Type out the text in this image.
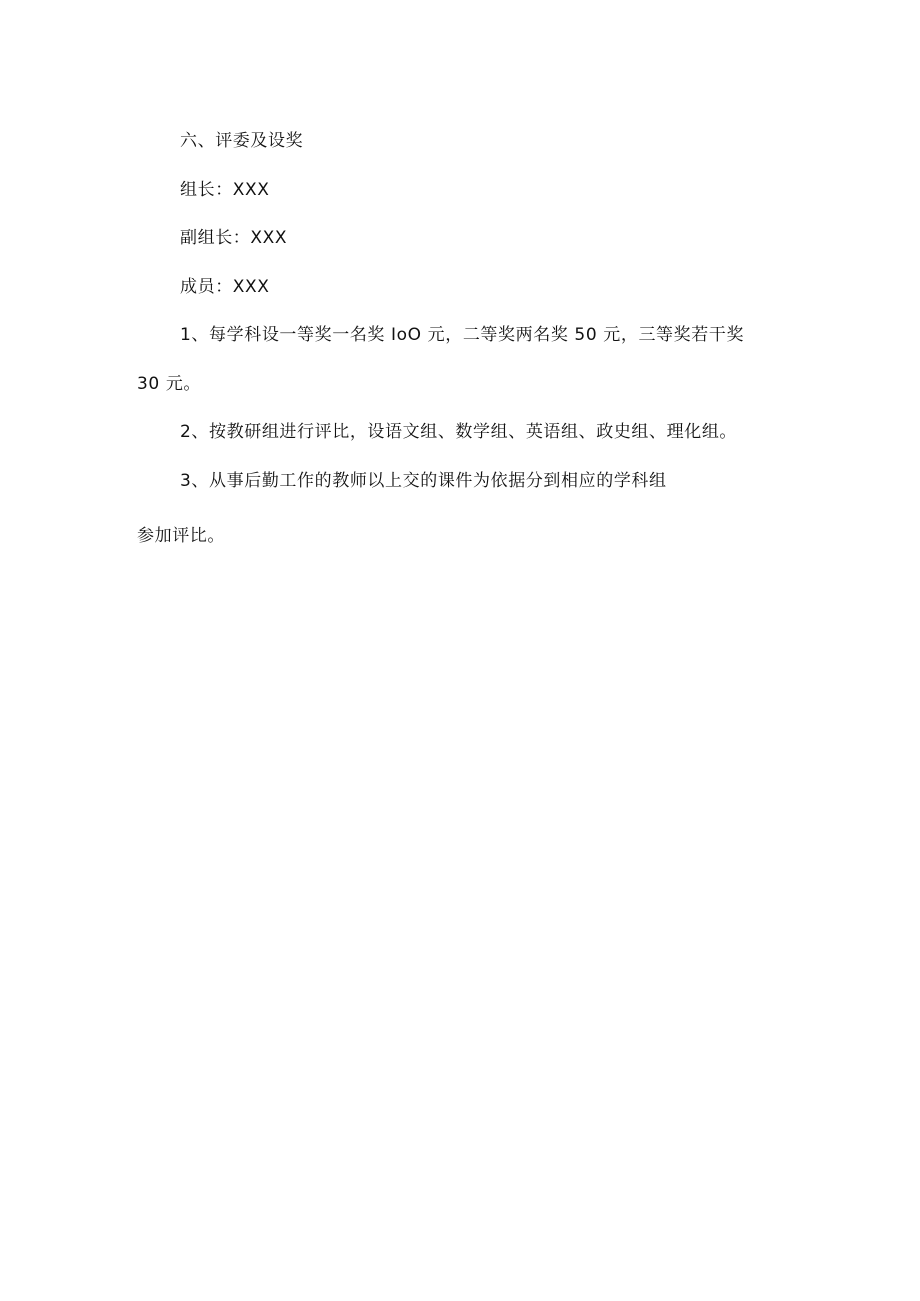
六、评委及设奖
组长：XXX
副组长：XXX
成员：XXX
1、每学科设一等奖一名奖 IoO 元，二等奖两名奖 50 元，三等奖若干奖
30 元。
2、按教研组进行评比，设语文组、数学组、英语组、政史组、理化组。
3、从事后勤工作的教师以上交的课件为依据分到相应的学科组
参加评比。
